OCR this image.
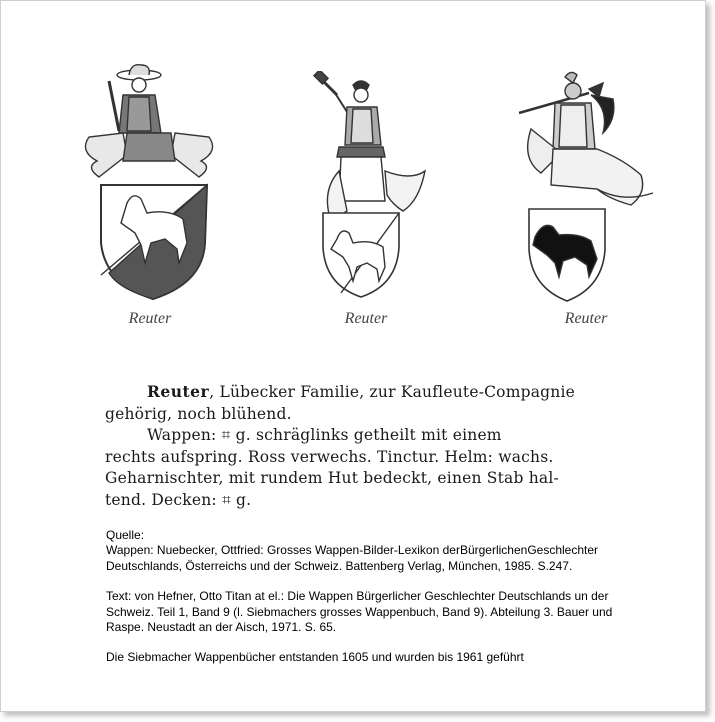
Reuter	Reuter	Reuter

Reuter, Lübecker Familie, zur Kaufleute-Compagnie

gehörig, noch blühend.

Wappen: ⌗ g. schräglinks getheilt mit einem

rechts aufspring. Ross verwechs. Tinctur. Helm: wachs.

Geharnischter, mit rundem Hut bedeckt, einen Stab hal-

tend. Decken: ⌗ g.

Quelle:
Wappen: Nuebecker, Ottfried: Grosses Wappen-Bilder-Lexikon derBürgerlichenGeschlechter Deutschlands, Österreichs und der Schweiz. Battenberg Verlag, München, 1985. S.247.
Text: von Hefner, Otto Titan at el.: Die Wappen Bürgerlicher Geschlechter Deutschlands un der Schweiz. Teil 1, Band 9 (l. Siebmachers grosses Wappenbuch, Band 9). Abteilung 3. Bauer und Raspe. Neustadt an der Aisch, 1971. S. 65.
Die Siebmacher Wappenbücher entstanden 1605 und wurden bis 1961 geführt
